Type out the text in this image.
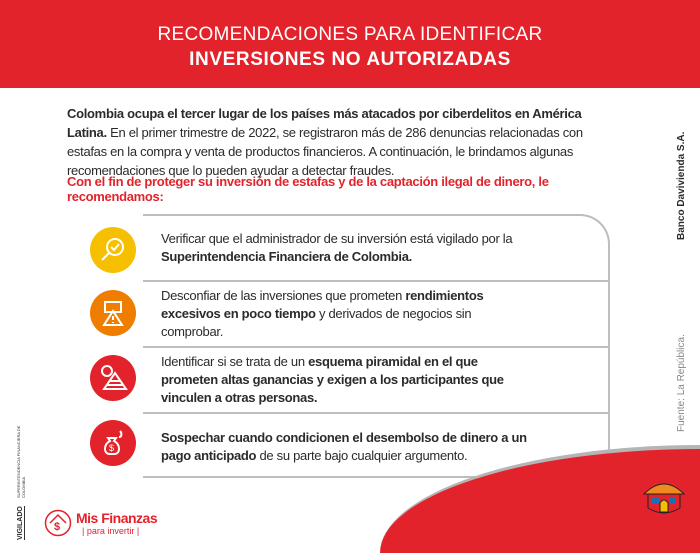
RECOMENDACIONES PARA IDENTIFICAR
INVERSIONES NO AUTORIZADAS

Colombia ocupa el tercer lugar de los países más atacados por ciberdelitos en América Latina. En el primer trimestre de 2022, se registraron más de 286 denuncias relacionadas con estafas en la compra y venta de productos financieros. A continuación, le brindamos algunas recomendaciones que lo pueden ayudar a detectar fraudes.

Con el fin de proteger su inversión de estafas y de la captación ilegal de dinero, le recomendamos:

Verificar que el administrador de su inversión está vigilado por la Superintendencia Financiera de Colombia.
Desconfiar de las inversiones que prometen rendimientos excesivos en poco tiempo y derivados de negocios sin comprobar.
Identificar si se trata de un esquema piramidal en el que prometen altas ganancias y exigen a los participantes que vinculen a otras personas.
Sospechar cuando condicionen el desembolso de dinero a un pago anticipado de su parte bajo cualquier argumento.
$
Banco Davivienda S.A.
Fuente: La República.
VIGILADO
SUPERINTENDENCIA FINANCIERA DE COLOMBIA
$
Mis Finanzas
| para invertir |
